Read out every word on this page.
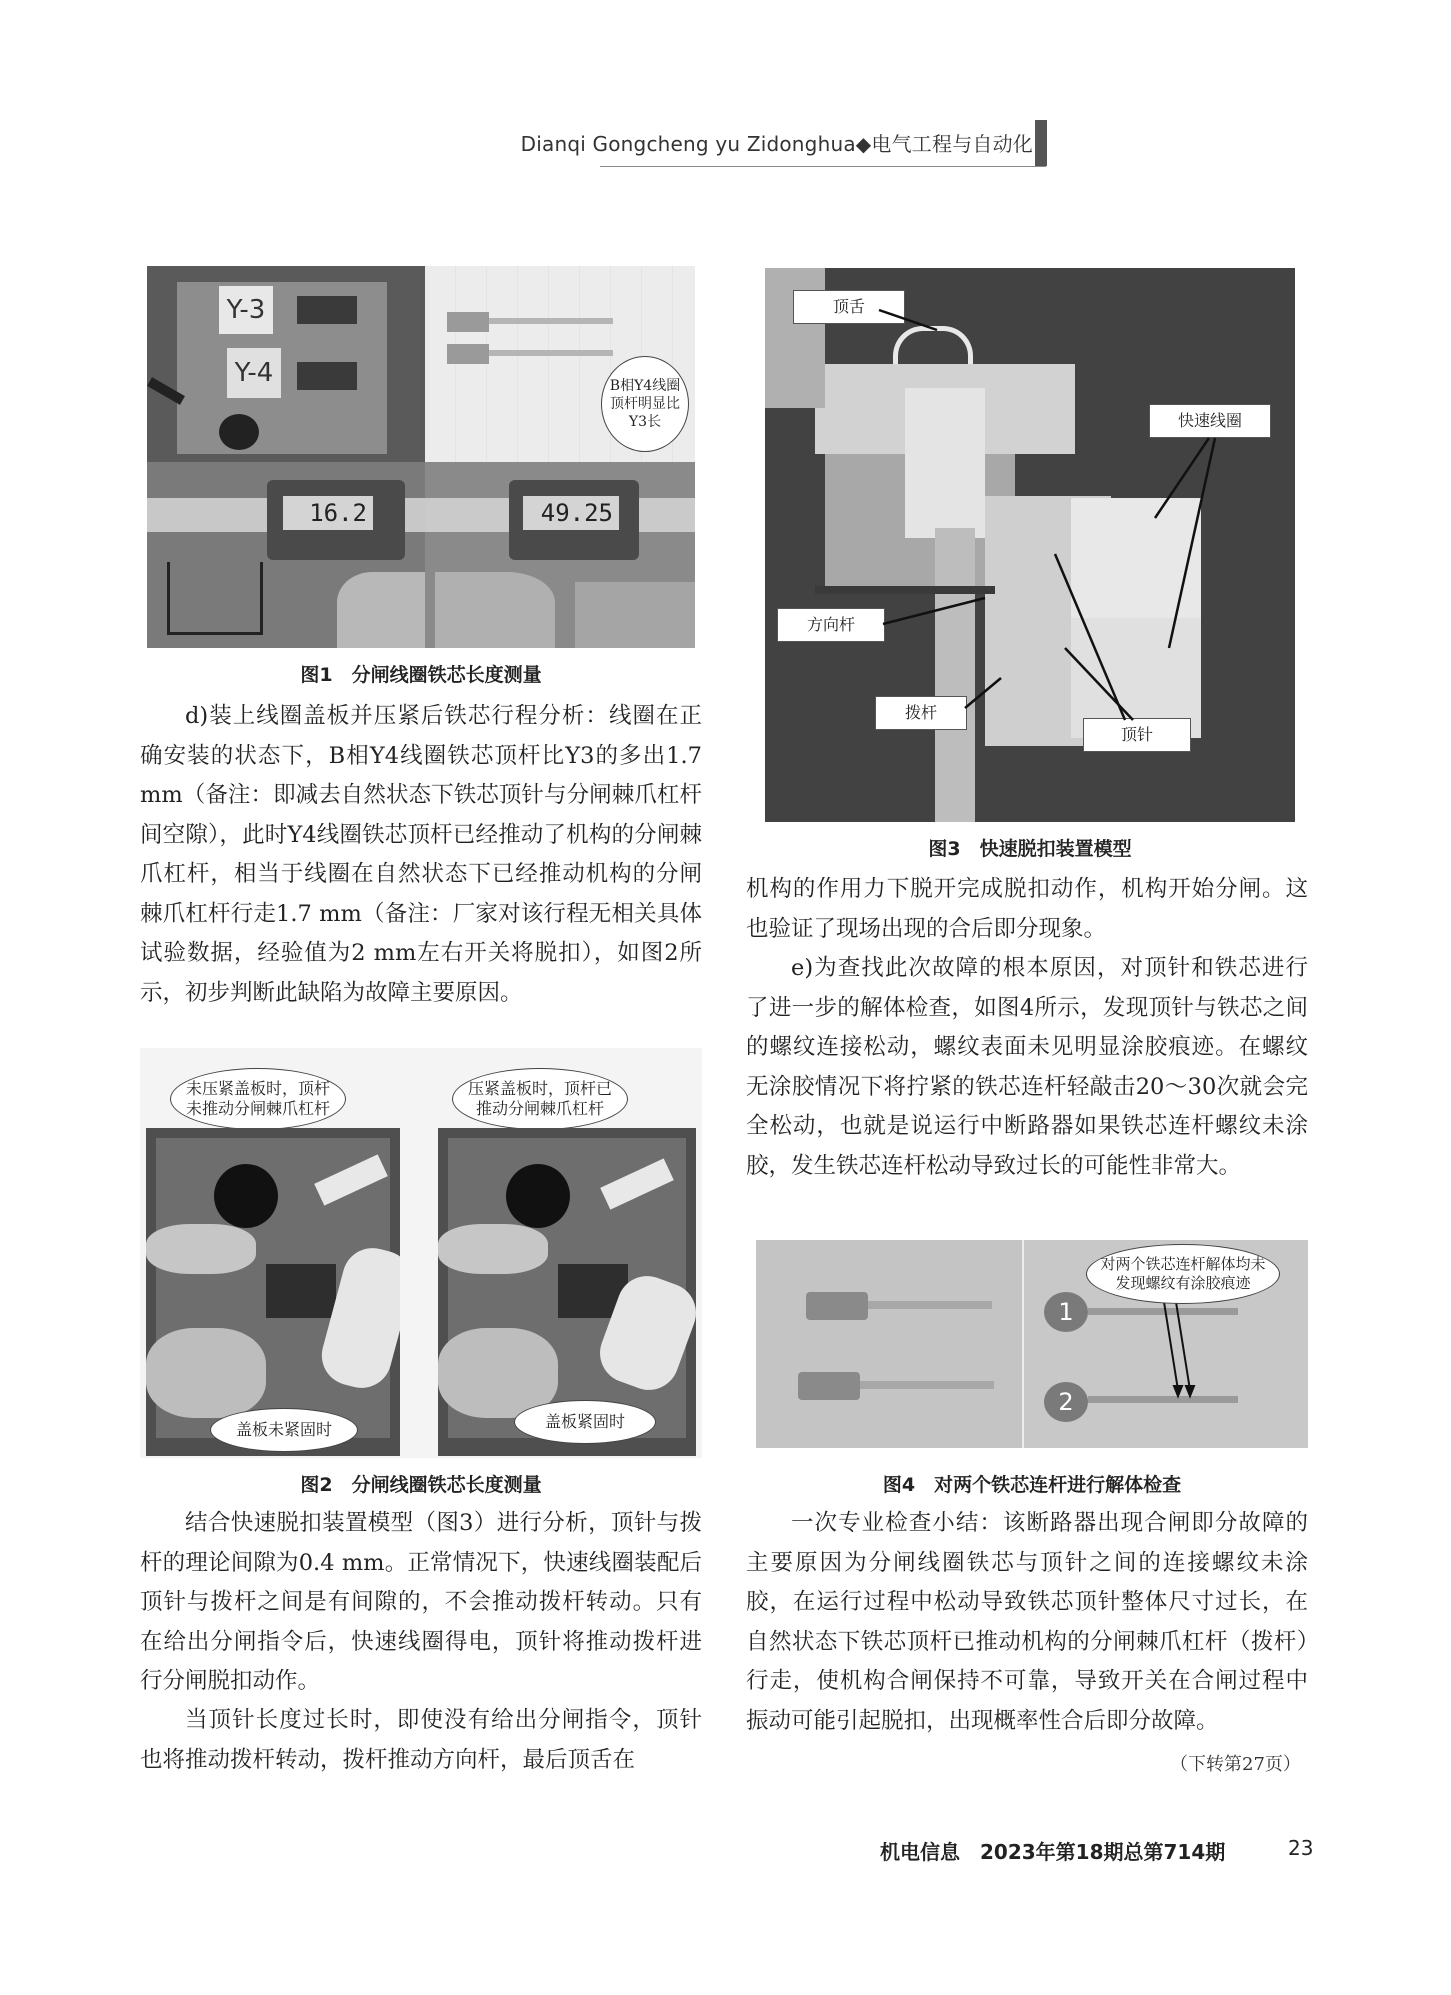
Dianqi Gongcheng yu Zidonghua◆电气工程与自动化
Y-3
Y-4	B相Y4线圈顶杆明显比Y3长
16.2	49.25
图1　分闸线圈铁芯长度测量
d)装上线圈盖板并压紧后铁芯行程分析：线圈在正确安装的状态下，B相Y4线圈铁芯顶杆比Y3的多出1.7 mm（备注：即减去自然状态下铁芯顶针与分闸棘爪杠杆间空隙），此时Y4线圈铁芯顶杆已经推动了机构的分闸棘爪杠杆，相当于线圈在自然状态下已经推动机构的分闸棘爪杠杆行走1.7 mm（备注：厂家对该行程无相关具体试验数据，经验值为2 mm左右开关将脱扣），如图2所示，初步判断此缺陷为故障主要原因。
未压紧盖板时，顶杆未推动分闸棘爪杠杆
压紧盖板时，顶杆已推动分闸棘爪杠杆
盖板未紧固时	盖板紧固时
图2　分闸线圈铁芯长度测量
结合快速脱扣装置模型（图3）进行分析，顶针与拨杆的理论间隙为0.4 mm。正常情况下，快速线圈装配后顶针与拨杆之间是有间隙的，不会推动拨杆转动。只有在给出分闸指令后，快速线圈得电，顶针将推动拨杆进行分闸脱扣动作。
当顶针长度过长时，即使没有给出分闸指令，顶针也将推动拨杆转动，拨杆推动方向杆，最后顶舌在
顶舌
快速线圈
方向杆
拨杆
顶针
图3　快速脱扣装置模型
机构的作用力下脱开完成脱扣动作，机构开始分闸。这也验证了现场出现的合后即分现象。
e)为查找此次故障的根本原因，对顶针和铁芯进行了进一步的解体检查，如图4所示，发现顶针与铁芯之间的螺纹连接松动，螺纹表面未见明显涂胶痕迹。在螺纹无涂胶情况下将拧紧的铁芯连杆轻敲击20～30次就会完全松动，也就是说运行中断路器如果铁芯连杆螺纹未涂胶，发生铁芯连杆松动导致过长的可能性非常大。
1
2
对两个铁芯连杆解体均未发现螺纹有涂胶痕迹
图4　对两个铁芯连杆进行解体检查
一次专业检查小结：该断路器出现合闸即分故障的主要原因为分闸线圈铁芯与顶针之间的连接螺纹未涂胶，在运行过程中松动导致铁芯顶针整体尺寸过长，在自然状态下铁芯顶杆已推动机构的分闸棘爪杠杆（拨杆）行走，使机构合闸保持不可靠，导致开关在合闸过程中振动可能引起脱扣，出现概率性合后即分故障。
（下转第27页）
机电信息　2023年第18期总第714期	23
